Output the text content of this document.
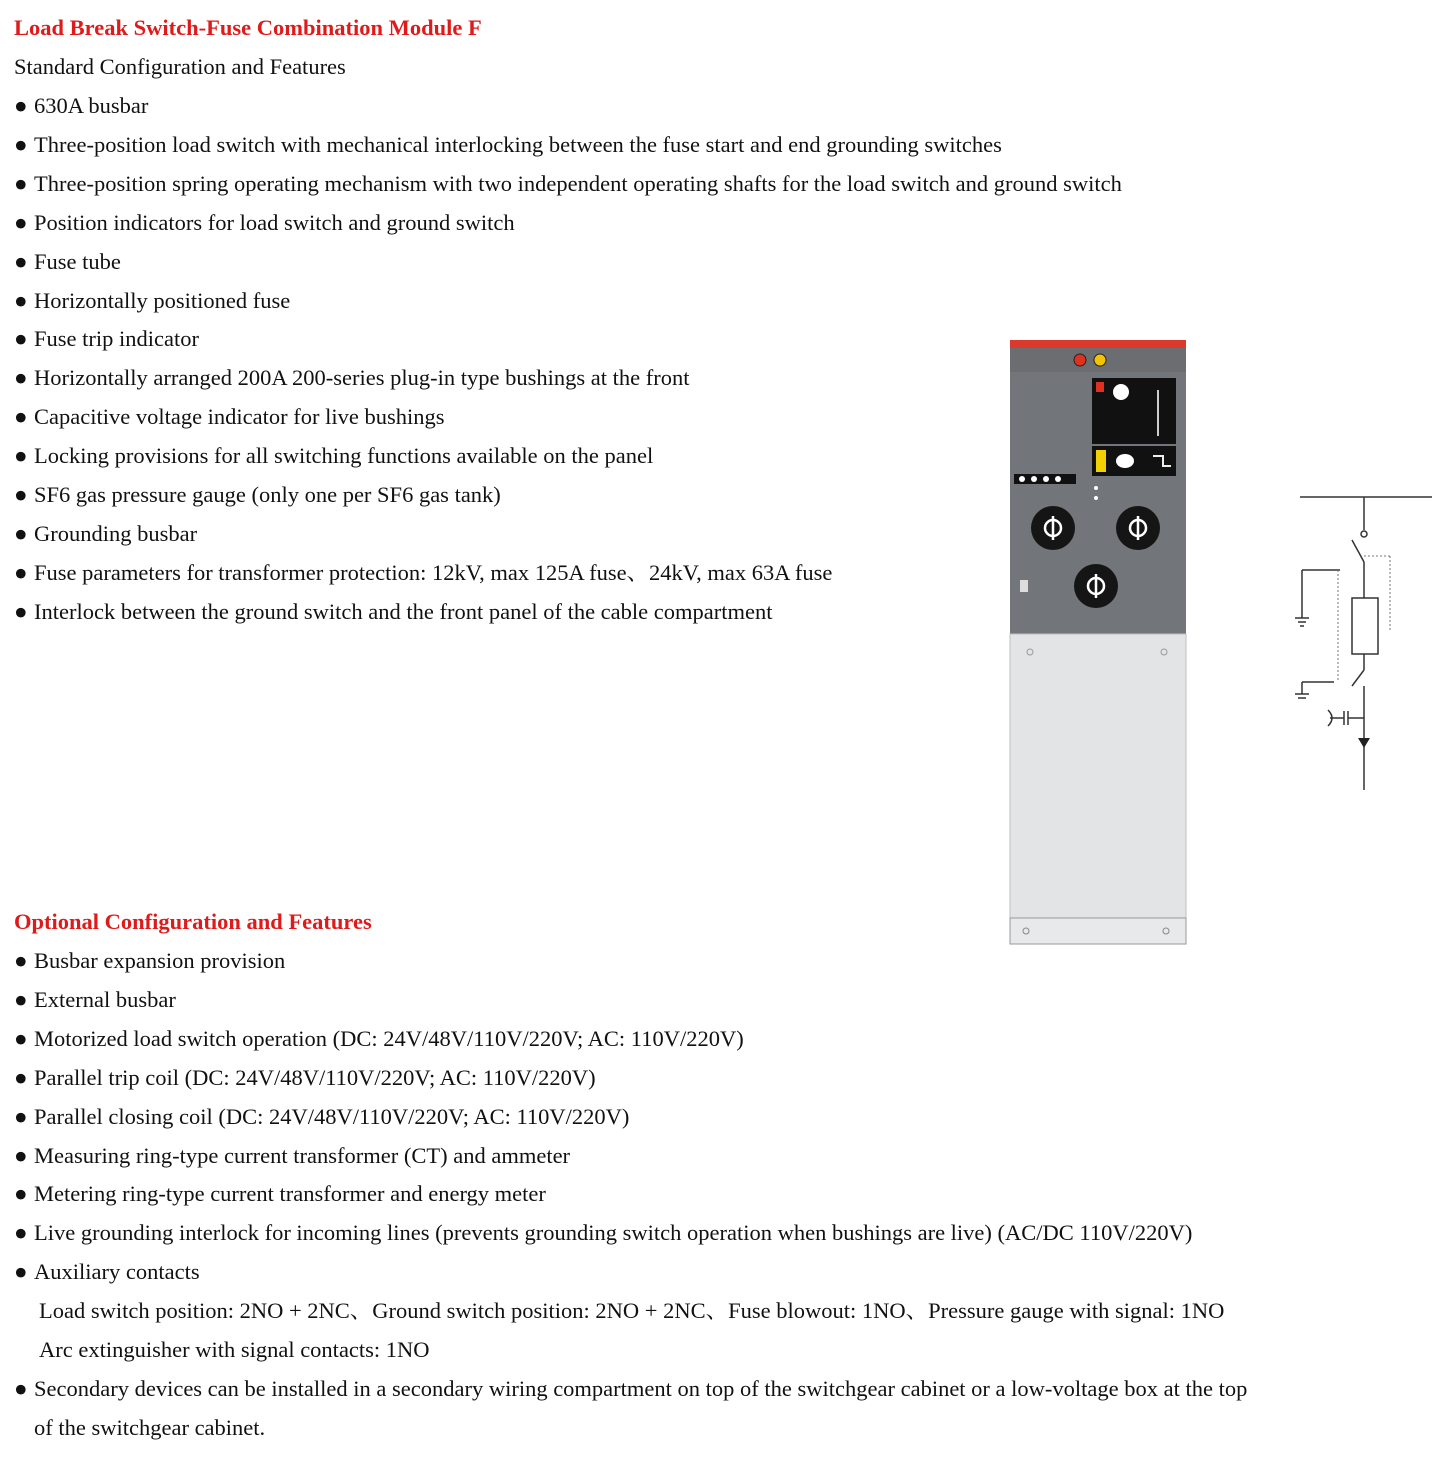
Load Break Switch-Fuse Combination Module F
Standard Configuration and Features
● 630A busbar
● Three-position load switch with mechanical interlocking between the fuse start and end grounding switches
● Three-position spring operating mechanism with two independent operating shafts for the load switch and ground switch
● Position indicators for load switch and ground switch
● Fuse tube
● Horizontally positioned fuse
● Fuse trip indicator
● Horizontally arranged 200A 200-series plug-in type bushings at the front
● Capacitive voltage indicator for live bushings
● Locking provisions for all switching functions available on the panel
● SF6 gas pressure gauge (only one per SF6 gas tank)
● Grounding busbar
● Fuse parameters for transformer protection: 12kV, max 125A fuse、24kV, max 63A fuse
● Interlock between the ground switch and the front panel of the cable compartment
Optional Configuration and Features
● Busbar expansion provision
● External busbar
● Motorized load switch operation (DC: 24V/48V/110V/220V; AC: 110V/220V)
● Parallel trip coil (DC: 24V/48V/110V/220V; AC: 110V/220V)
● Parallel closing coil (DC: 24V/48V/110V/220V; AC: 110V/220V)
● Measuring ring-type current transformer (CT) and ammeter
● Metering ring-type current transformer and energy meter
● Live grounding interlock for incoming lines (prevents grounding switch operation when bushings are live) (AC/DC 110V/220V)
● Auxiliary contacts
Load switch position: 2NO + 2NC、Ground switch position: 2NO + 2NC、Fuse blowout: 1NO、Pressure gauge with signal: 1NO
Arc extinguisher with signal contacts: 1NO
● Secondary devices can be installed in a secondary wiring compartment on top of the switchgear cabinet or a low-voltage box at the top
of the switchgear cabinet.
